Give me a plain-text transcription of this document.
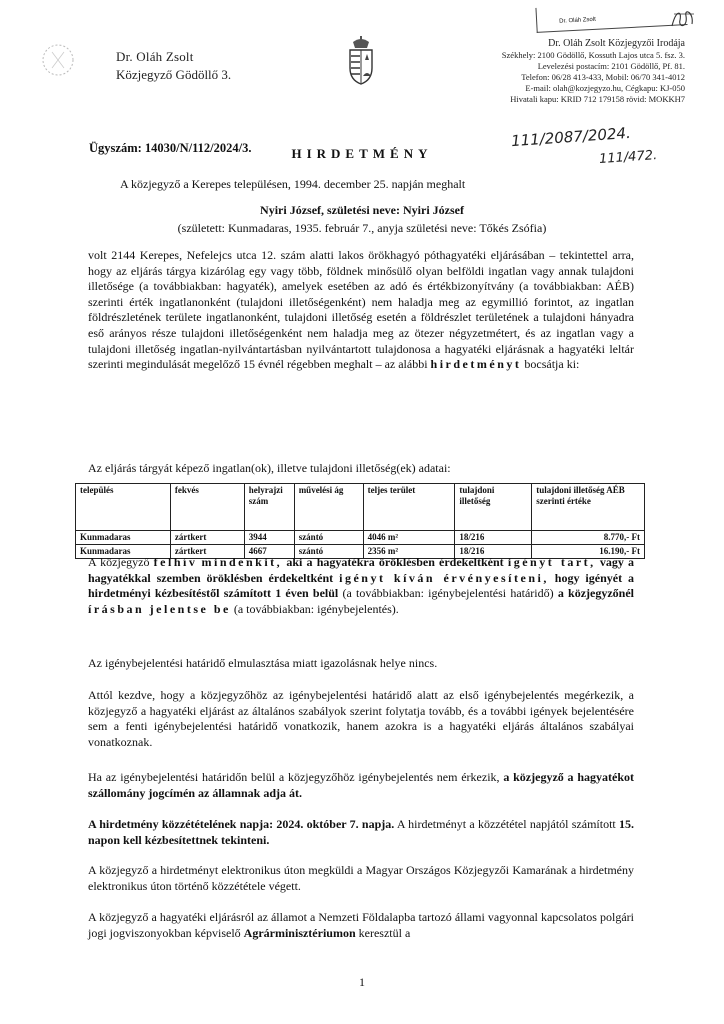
Dr. Oláh Zsolt
Dr. Oláh Zsolt
Közjegyző Gödöllő 3.
Dr. Oláh Zsolt Közjegyzői Irodája
Székhely: 2100 Gödöllő, Kossuth Lajos utca 5. fsz. 3.
Levelezési postacím: 2101 Gödöllő, Pf. 81.
Telefon: 06/28 413-433, Mobil: 06/70 341-4012
E-mail: olah@kozjegyzo.hu, Cégkapu: KJ-050
Hivatali kapu: KRID 712 179158 rövid: MOKKH7
Ügyszám: 14030/N/112/2024/3.	111/2087/2024.
111/472.
HIRDETMÉNY
A közjegyző a Kerepes településen, 1994. december 25. napján meghalt
Nyiri József, születési neve: Nyiri József
(született: Kunmadaras, 1935. február 7., anyja születési neve: Tőkés Zsófia)
volt 2144 Kerepes, Nefelejcs utca 12. szám alatti lakos örökhagyó póthagyatéki eljárásában – tekintettel arra, hogy az eljárás tárgya kizárólag egy vagy több, földnek minősülő olyan belföldi ingatlan vagy annak tulajdoni illetősége (a továbbiakban: hagyaték), amelyek esetében az adó és értékbizonyítvány (a továbbiakban: AÉB) szerinti érték ingatlanonként (tulajdoni illetőségenként) nem haladja meg az egymillió forintot, az ingatlan földrészletének területe ingatlanonként, tulajdoni illetőség esetén a földrészlet területének a tulajdoni hányadra eső arányos része tulajdoni illetőségenként nem haladja meg az ötezer négyzetmétert, és az ingatlan vagy a tulajdoni illetőség ingatlan-nyilvántartásban nyilvántartott tulajdonosa a hagyatéki eljárásnak a hagyatéki leltár szerinti megindulását megelőző 15 évnél régebben meghalt – az alábbi hirdetményt bocsátja ki:
Az eljárás tárgyát képező ingatlan(ok), illetve tulajdoni illetőség(ek) adatai:
település	fekvés	helyrajzi szám	művelési ág	teljes terület	tulajdoni illetőség	tulajdoni illetőség AÉB szerinti értéke
Kunmadaras	zártkert	3944	szántó	4046 m²	18/216	8.770,- Ft
Kunmadaras	zártkert	4667	szántó	2356 m²	18/216	16.190,- Ft
A közjegyző felhív mindenkit, aki a hagyatékra öröklésben érdekeltként igényt tart, vagy a hagyatékkal szemben öröklésben érdekeltként igényt kíván érvényesíteni, hogy igényét a hirdetményi kézbesítéstől számított 1 éven belül (a továbbiakban: igénybejelentési határidő) a közjegyzőnél írásban jelentse be (a továbbiakban: igénybejelentés).
Az igénybejelentési határidő elmulasztása miatt igazolásnak helye nincs.
Attól kezdve, hogy a közjegyzőhöz az igénybejelentési határidő alatt az első igénybejelentés megérkezik, a közjegyző a hagyatéki eljárást az általános szabályok szerint folytatja tovább, és a további igények bejelentésére sem a fenti igénybejelentési határidő vonatkozik, hanem azokra is a hagyatéki eljárás általános szabályai vonatkoznak.
Ha az igénybejelentési határidőn belül a közjegyzőhöz igénybejelentés nem érkezik, a közjegyző a hagyatékot szállomány jogcímén az államnak adja át.
A hirdetmény közzétételének napja: 2024. október 7. napja. A hirdetményt a közzététel napjától számított 15. napon kell kézbesítettnek tekinteni.
A közjegyző a hirdetményt elektronikus úton megküldi a Magyar Országos Közjegyzői Kamarának a hirdetmény elektronikus úton történő közzététele végett.
A közjegyző a hagyatéki eljárásról az államot a Nemzeti Földalapba tartozó állami vagyonnal kapcsolatos polgári jogi jogviszonyokban képviselő Agrárminisztériumon keresztül a
1
